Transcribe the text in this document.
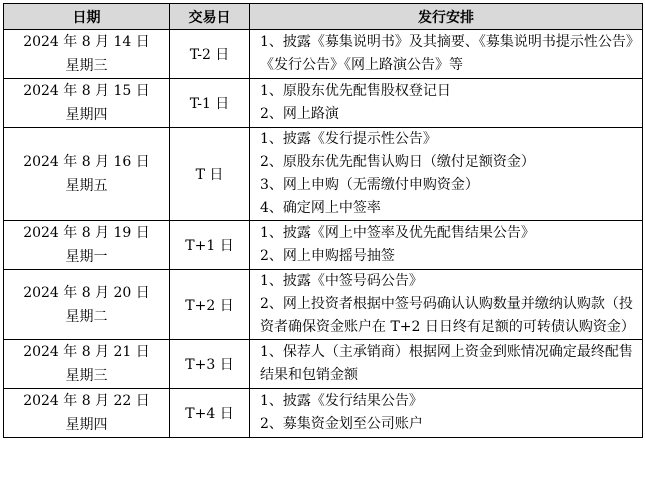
日期	交易日	发行安排

2024 年 8 月 14 日
星期三	T-2 日	1、披露《募集说明书》及其摘要、《募集说明书提示性公告》《发行公告》《网上路演公告》等

2024 年 8 月 15 日
星期四	T-1 日	1、原股东优先配售股权登记日
2、网上路演

2024 年 8 月 16 日
星期五	T 日	1、披露《发行提示性公告》
2、原股东优先配售认购日（缴付足额资金）
3、网上申购（无需缴付申购资金）
4、确定网上中签率

2024 年 8 月 19 日
星期一	T+1 日	1、披露《网上中签率及优先配售结果公告》
2、网上申购摇号抽签

2024 年 8 月 20 日
星期二	T+2 日	1、披露《中签号码公告》
2、网上投资者根据中签号码确认认购数量并缴纳认购款（投资者确保资金账户在 T+2 日日终有足额的可转债认购资金）

2024 年 8 月 21 日
星期三	T+3 日	1、保荐人（主承销商）根据网上资金到账情况确定最终配售结果和包销金额

2024 年 8 月 22 日
星期四	T+4 日	1、披露《发行结果公告》
2、募集资金划至公司账户
